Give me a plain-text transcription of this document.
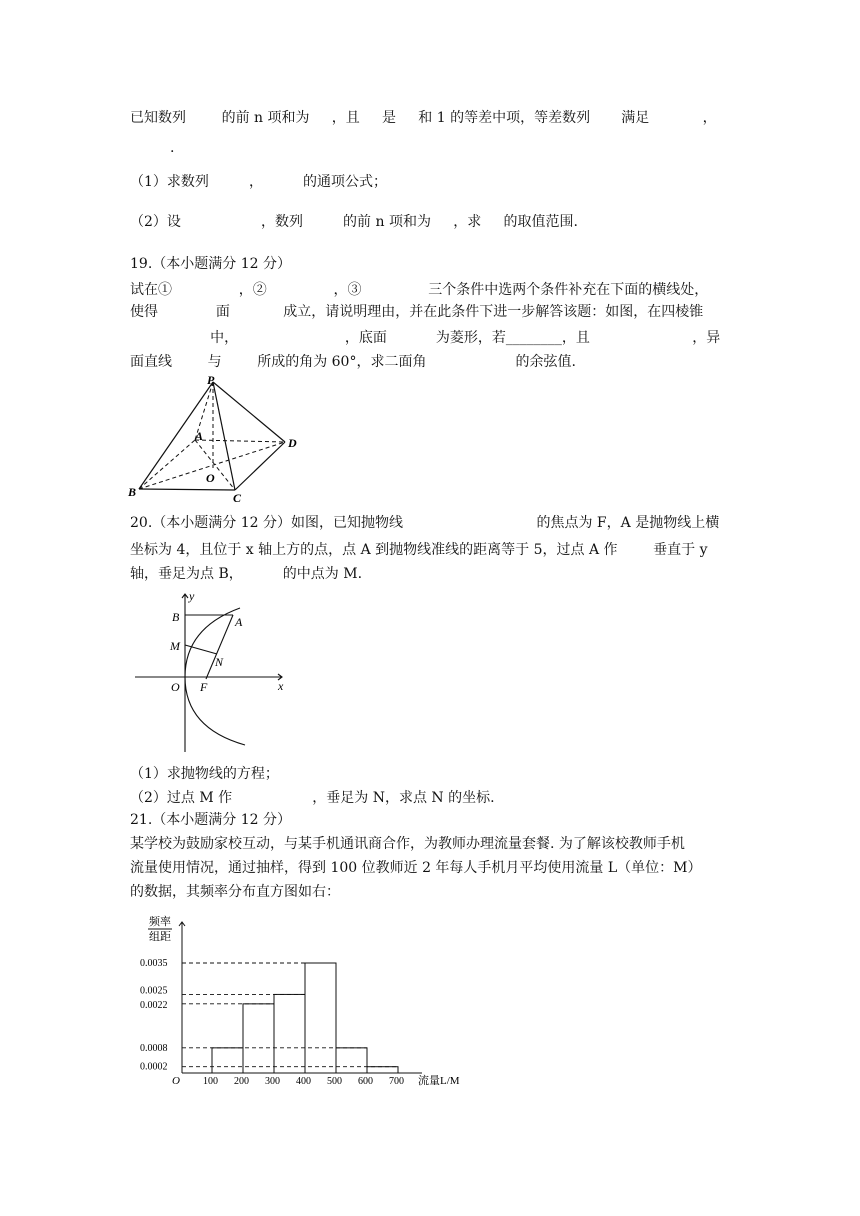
已知数列        的前 n 项和为     ，且     是     和 1 的等差中项，等差数列       满足            ，
.
（1）求数列         ，         的通项公式；
（2）设                  ，数列         的前 n 项和为     ，求     的取值范围.
19.（本小题满分 12 分）
试在①               ，②               ，③               三个条件中选两个条件补充在下面的横线处，
使得             面            成立，请说明理由，并在此条件下进一步解答该题：如图，在四棱锥
中，                        ，底面           为菱形，若________，且                       ，异
面直线        与        所成的角为 60°，求二面角                    的余弦值.
P
A	D
O
B	C
20.（本小题满分 12 分）如图，已知抛物线                              的焦点为 F，A 是抛物线上横
坐标为 4，且位于 x 轴上方的点，点 A 到抛物线准线的距离等于 5，过点 A 作        垂直于 y
轴，垂足为点 B，         的中点为 M.
y
B	A
M
N
O F	x
（1）求抛物线的方程；
（2）过点 M 作                  ，垂足为 N，求点 N 的坐标.
21.（本小题满分 12 分）
某学校为鼓励家校互动，与某手机通讯商合作，为教师办理流量套餐. 为了解该校教师手机
流量使用情况，通过抽样，得到 100 位教师近 2 年每人手机月平均使用流量 L（单位：M）
的数据，其频率分布直方图如右：
频率
组距
O	流量L/M
0.0035
0.0025
0.0022
0.0008
0.0002
100 200 300 400 500 600 700
